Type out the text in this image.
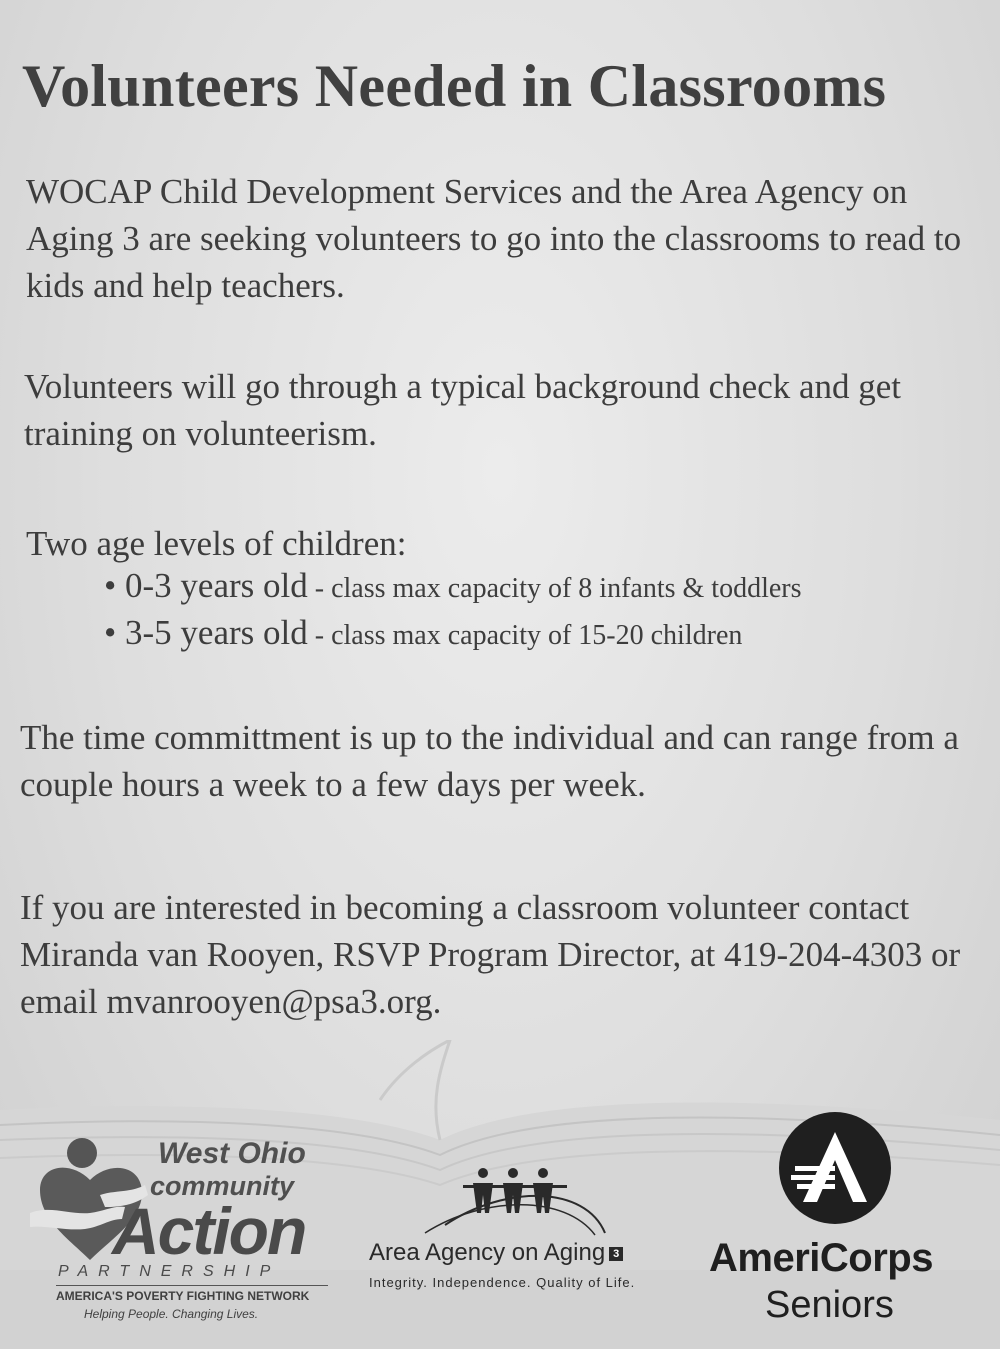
Volunteers Needed in Classrooms

WOCAP Child Development Services and the Area Agency on Aging 3 are seeking volunteers to go into the classrooms to read to kids and help teachers.

Volunteers will go through a typical background check and get training on volunteerism.

Two age levels of children:

• 0-3 years old - class max capacity of 8 infants & toddlers
• 3-5 years old - class max capacity of 15-20 children

The time committment is up to the individual and can range from a couple hours a week to a few days per week.

If you are interested in becoming a classroom volunteer contact Miranda van Rooyen, RSVP Program Director, at 419-204-4303 or email mvanrooyen@psa3.org.

West Ohio
community
Action
PARTNERSHIP
AMERICA'S POVERTY FIGHTING NETWORK
Helping People. Changing Lives.
Area Agency on Aging 3
Integrity. Independence. Quality of Life.
AmeriCorps
Seniors
